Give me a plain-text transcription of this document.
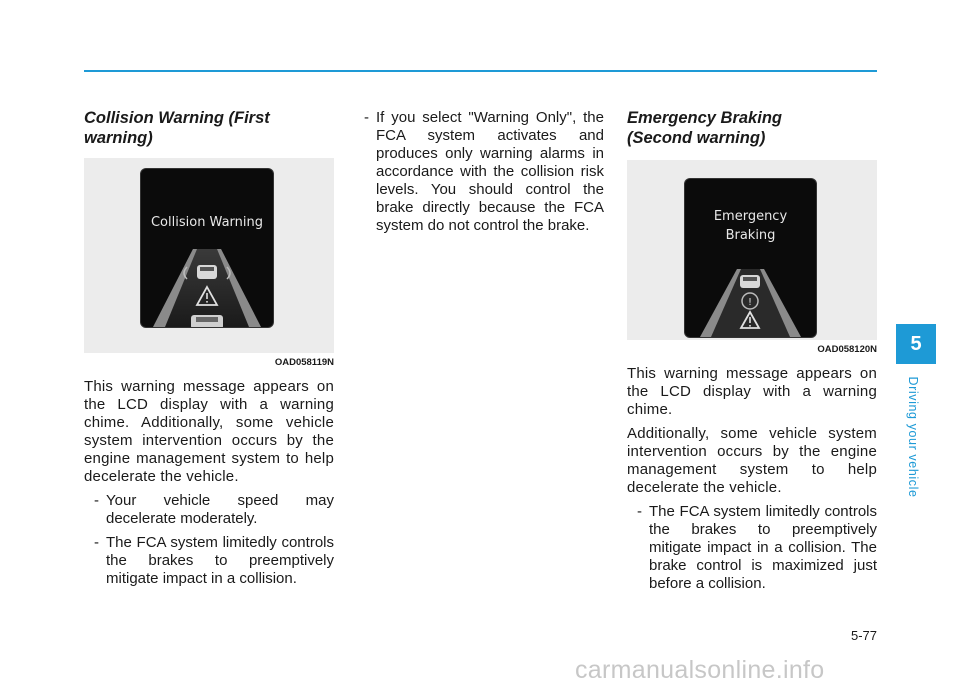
Collision Warning (First warning)
Collision Warning
OAD058119N

This warning message appears on the LCD display with a warning chime. Additionally, some vehicle system intervention occurs by the engine management system to help decelerate the vehicle.

- Your vehicle speed may decelerate moderately.
- The FCA system limitedly controls the brakes to preemptively mitigate impact in a collision.
- If you select "Warning Only", the FCA system activates and produces only warning alarms in accordance with the collision risk levels. You should control the brake directly because the FCA system do not control the brake.
Emergency Braking
(Second warning)
Emergency
Braking
!
OAD058120N

This warning message appears on the LCD display with a warning chime.

Additionally, some vehicle system intervention occurs by the engine management system to help decelerate the vehicle.

- The FCA system limitedly controls the brakes to preemptively mitigate impact in a collision. The brake control is maximized just before a collision.
5
Driving your vehicle
5-77
carmanualsonline.info
